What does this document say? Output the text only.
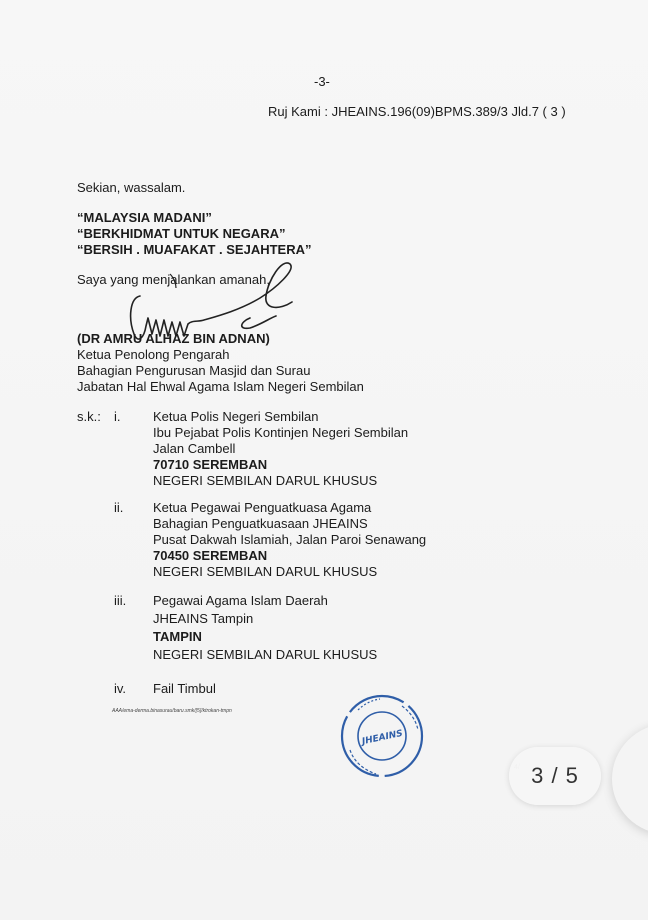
-3-
Ruj Kami : JHEAINS.196(09)BPMS.389/3 Jld.7 ( 3 )
Sekian, wassalam.
“MALAYSIA MADANI”
“BERKHIDMAT UNTUK NEGARA”
“BERSIH . MUAFAKAT . SEJAHTERA”
Saya yang menjalankan amanah,
(DR AMRU ALHAZ BIN ADNAN)
Ketua Penolong Pengarah
Bahagian Pengurusan Masjid dan Surau
Jabatan Hal Ehwal Agama Islam Negeri Sembilan
s.k.: i.	Ketua Polis Negeri Sembilan
Ibu Pejabat Polis Kontinjen Negeri Sembilan
Jalan Cambell
70710 SEREMBAN
NEGERI SEMBILAN DARUL KHUSUS
ii. Ketua Pegawai Penguatkuasa Agama
Bahagian Penguatkuasaan JHEAINS
Pusat Dakwah Islamiah, Jalan Paroi Senawang
70450 SEREMBAN
NEGERI SEMBILAN DARUL KHUSUS
iii. Pegawai Agama Islam Daerah
JHEAINS Tampin
TAMPIN
NEGERI SEMBILAN DARUL KHUSUS
iv. Fail Timbul
AAA/ema-derma.binasurau/baru.smk/[5]/ktrokan-tmpn
JHEAINS
3 / 5
